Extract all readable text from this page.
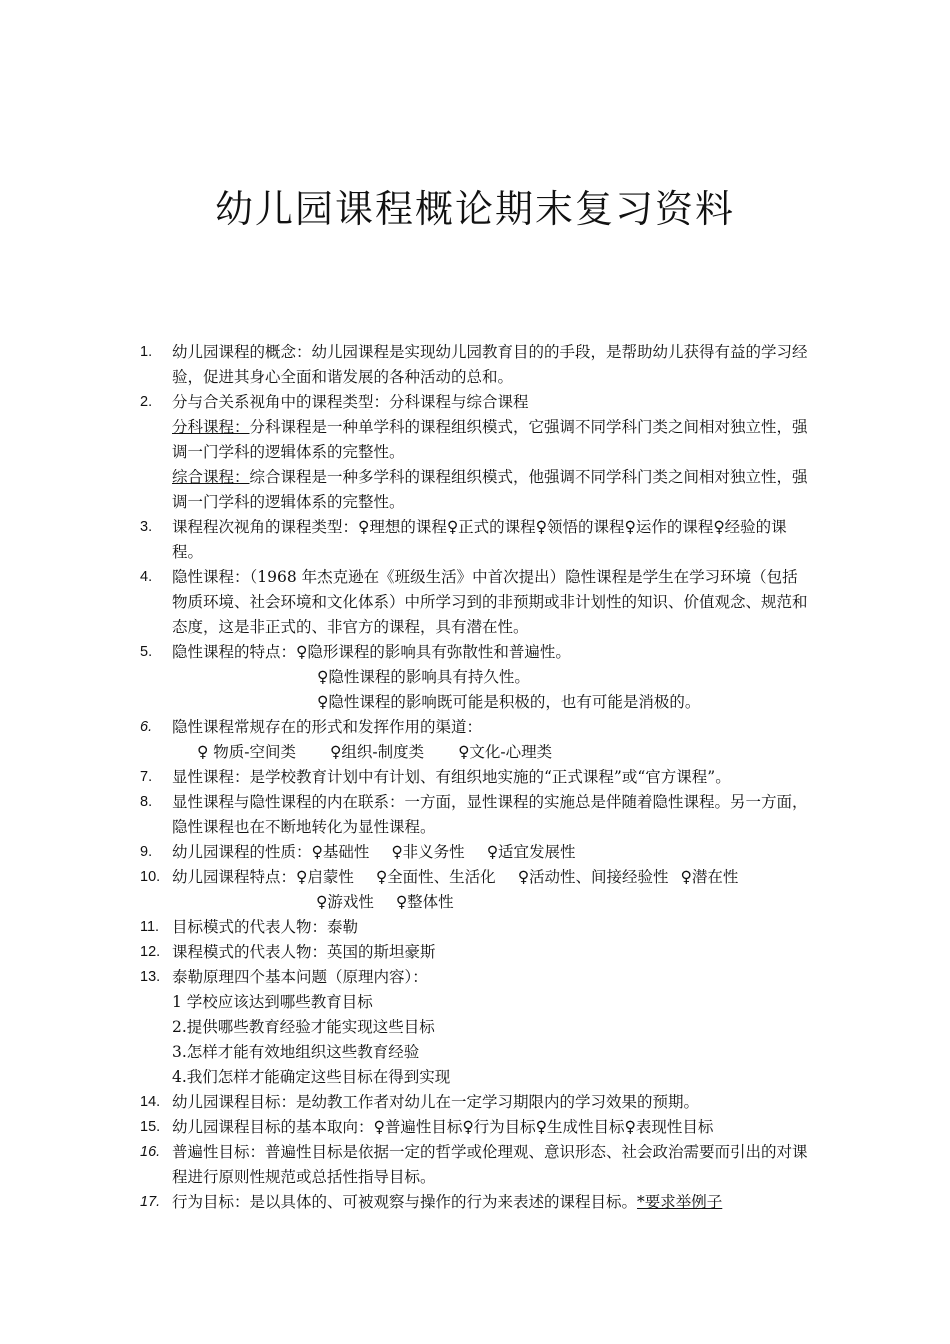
幼儿园课程概论期末复习资料
1.	幼儿园课程的概念：幼儿园课程是实现幼儿园教育目的的手段，是帮助幼儿获得有益的学习经验，促进其身心全面和谐发展的各种活动的总和。
2.	分与合关系视角中的课程类型：分科课程与综合课程
分科课程：分科课程是一种单学科的课程组织模式，它强调不同学科门类之间相对独立性，强调一门学科的逻辑体系的完整性。
综合课程：综合课程是一种多学科的课程组织模式，他强调不同学科门类之间相对独立性，强调一门学科的逻辑体系的完整性。
3.	课程程次视角的课程类型：♀理想的课程♀正式的课程♀领悟的课程♀运作的课程♀经验的课程。
4.	隐性课程：（1968 年杰克逊在《班级生活》中首次提出）隐性课程是学生在学习环境（包括物质环境、社会环境和文化体系）中所学习到的非预期或非计划性的知识、价值观念、规范和态度，这是非正式的、非官方的课程，具有潜在性。
5.	隐性课程的特点：♀隐形课程的影响具有弥散性和普遍性。
♀隐性课程的影响具有持久性。
♀隐性课程的影响既可能是积极的，也有可能是消极的。
6.	隐性课程常规存在的形式和发挥作用的渠道：
♀ 物质-空间类 ♀组织-制度类 ♀文化-心理类
7.	显性课程：是学校教育计划中有计划、有组织地实施的“正式课程”或“官方课程”。
8.	显性课程与隐性课程的内在联系：一方面，显性课程的实施总是伴随着隐性课程。另一方面，隐性课程也在不断地转化为显性课程。
9.	幼儿园课程的性质：♀基础性 ♀非义务性 ♀适宜发展性
10. 幼儿园课程特点：♀启蒙性 ♀全面性、生活化 ♀活动性、间接经验性 ♀潜在性
♀游戏性 ♀整体性
11. 目标模式的代表人物：泰勒
12. 课程模式的代表人物：英国的斯坦豪斯
13. 泰勒原理四个基本问题（原理内容）：
1 学校应该达到哪些教育目标
2.提供哪些教育经验才能实现这些目标
3.怎样才能有效地组织这些教育经验
4.我们怎样才能确定这些目标在得到实现
14. 幼儿园课程目标：是幼教工作者对幼儿在一定学习期限内的学习效果的预期。
15. 幼儿园课程目标的基本取向：♀普遍性目标♀行为目标♀生成性目标♀表现性目标
16. 普遍性目标：普遍性目标是依据一定的哲学或伦理观、意识形态、社会政治需要而引出的对课程进行原则性规范或总括性指导目标。
17. 行为目标：是以具体的、可被观察与操作的行为来表述的课程目标。*要求举例子
